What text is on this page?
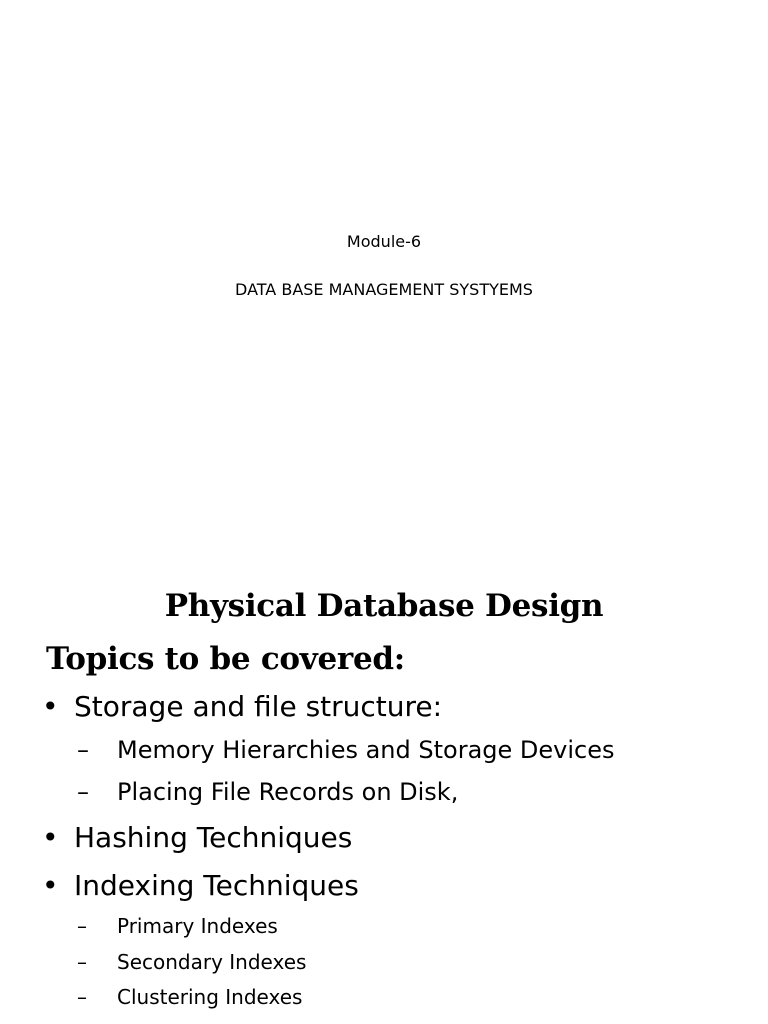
Module-6
DATA BASE MANAGEMENT SYSTYEMS
Physical Database Design
Topics to be covered:
• Storage and file structure:
– Memory Hierarchies and Storage Devices
– Placing File Records on Disk,
• Hashing Techniques
• Indexing Techniques
– Primary Indexes
– Secondary Indexes
– Clustering Indexes
